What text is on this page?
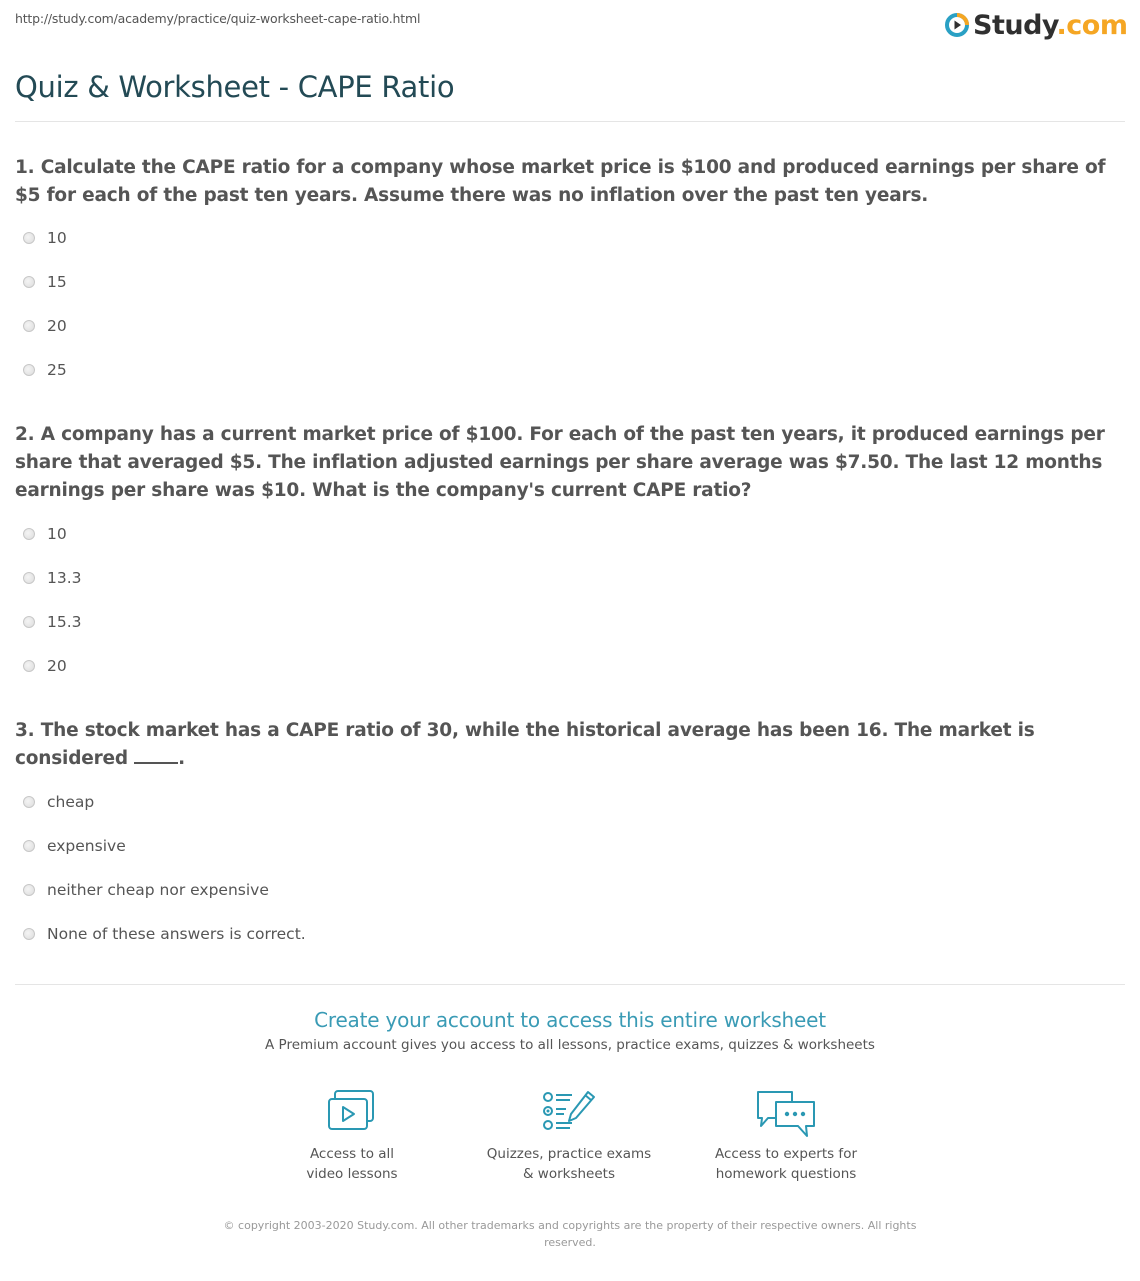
http://study.com/academy/practice/quiz-worksheet-cape-ratio.html	Study.com
Quiz & Worksheet - CAPE Ratio
1. Calculate the CAPE ratio for a company whose market price is $100 and produced earnings per share of $5 for each of the past ten years. Assume there was no inflation over the past ten years.
10
15
20
25
2. A company has a current market price of $100. For each of the past ten years, it produced earnings per share that averaged $5. The inflation adjusted earnings per share average was $7.50. The last 12 months earnings per share was $10. What is the company's current CAPE ratio?
10
13.3
15.3
20
3. The stock market has a CAPE ratio of 30, while the historical average has been 16. The market is considered	.
cheap
expensive
neither cheap nor expensive
None of these answers is correct.
Create your account to access this entire worksheet
A Premium account gives you access to all lessons, practice exams, quizzes & worksheets
Access to all
video lessons
Quizzes, practice exams
& worksheets
Access to experts for
homework questions
© copyright 2003-2020 Study.com. All other trademarks and copyrights are the property of their respective owners. All rights
reserved.
